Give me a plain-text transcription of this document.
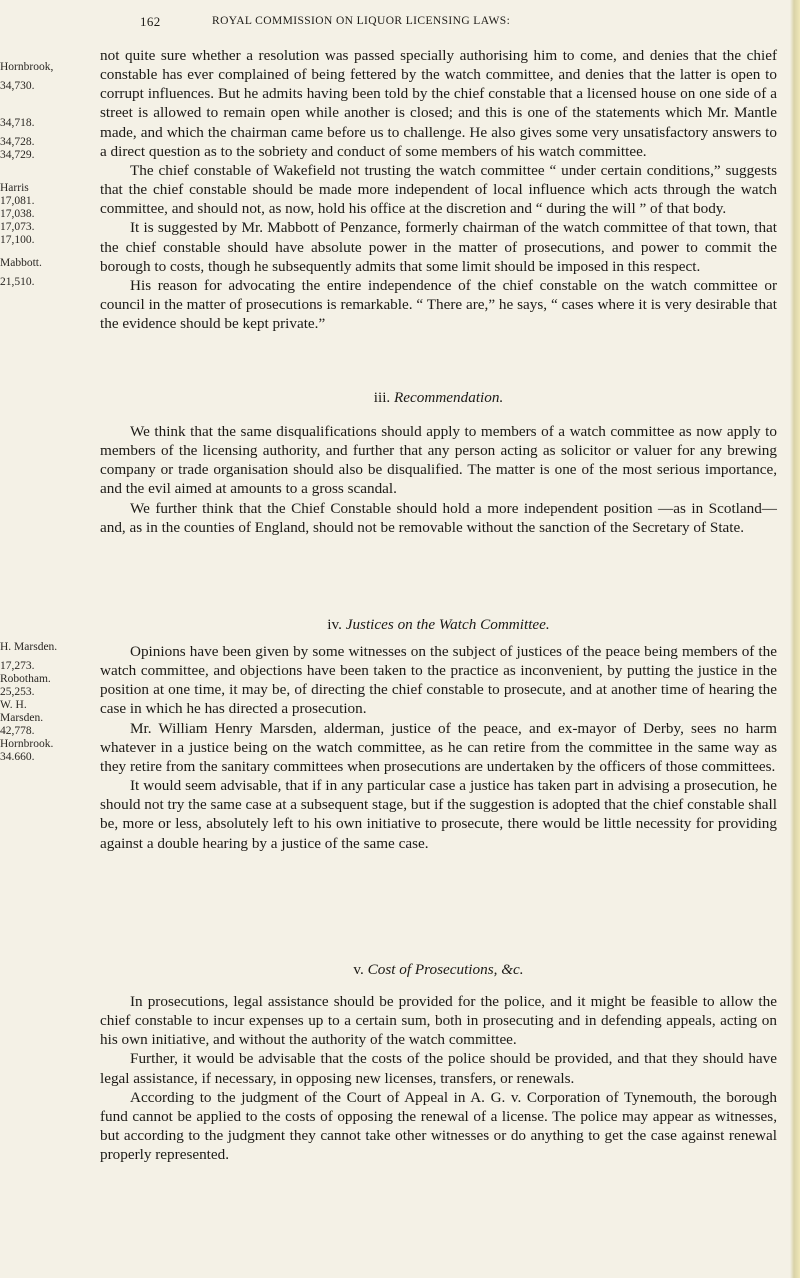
162	ROYAL COMMISSION ON LIQUOR LICENSING LAWS:
Hornbrook,
34,730.
34,718.
34,728.
34,729.
Harris
17,081.
17,038.
17,073.
17,100.
Mabbott.
21,510.
H. Marsden.
17,273.
Robotham.
25,253.
W. H.
Marsden.
42,778.
Hornbrook.
34.660.

not quite sure whether a resolution was passed specially authorising him to come, and denies that the chief constable has ever complained of being fettered by the watch committee, and denies that the latter is open to corrupt influences. But he admits having been told by the chief constable that a licensed house on one side of a street is allowed to remain open while another is closed; and this is one of the statements which Mr. Mantle made, and which the chairman came before us to challenge. He also gives some very unsatisfactory answers to a direct question as to the sobriety and conduct of some members of his watch committee.

The chief constable of Wakefield not trusting the watch committee “ under certain conditions,” suggests that the chief constable should be made more independent of local influence which acts through the watch committee, and should not, as now, hold his office at the discretion and “ during the will ” of that body.

It is suggested by Mr. Mabbott of Penzance, formerly chairman of the watch committee of that town, that the chief constable should have absolute power in the matter of prosecutions, and power to commit the borough to costs, though he subsequently admits that some limit should be imposed in this respect.

His reason for advocating the entire independence of the chief constable on the watch committee or council in the matter of prosecutions is remarkable. “ There are,” he says, “ cases where it is very desirable that the evidence should be kept private.”

iii. Recommendation.

We think that the same disqualifications should apply to members of a watch committee as now apply to members of the licensing authority, and further that any person acting as solicitor or valuer for any brewing company or trade organisation should also be disqualified. The matter is one of the most serious importance, and the evil aimed at amounts to a gross scandal.

We further think that the Chief Constable should hold a more independent position —as in Scotland—and, as in the counties of England, should not be removable without the sanction of the Secretary of State.

iv. Justices on the Watch Committee.

Opinions have been given by some witnesses on the subject of justices of the peace being members of the watch committee, and objections have been taken to the practice as inconvenient, by putting the justice in the position at one time, it may be, of directing the chief constable to prosecute, and at another time of hearing the case in which he has directed a prosecution.

Mr. William Henry Marsden, alderman, justice of the peace, and ex-mayor of Derby, sees no harm whatever in a justice being on the watch committee, as he can retire from the committee in the same way as they retire from the sanitary committees when prosecutions are undertaken by the officers of those committees.

It would seem advisable, that if in any particular case a justice has taken part in advising a prosecution, he should not try the same case at a subsequent stage, but if the suggestion is adopted that the chief constable shall be, more or less, absolutely left to his own initiative to prosecute, there would be little necessity for providing against a double hearing by a justice of the same case.

v. Cost of Prosecutions, &c.

In prosecutions, legal assistance should be provided for the police, and it might be feasible to allow the chief constable to incur expenses up to a certain sum, both in prosecuting and in defending appeals, acting on his own initiative, and without the authority of the watch committee.

Further, it would be advisable that the costs of the police should be provided, and that they should have legal assistance, if necessary, in opposing new licenses, transfers, or renewals.

According to the judgment of the Court of Appeal in A. G. v. Corporation of Tynemouth, the borough fund cannot be applied to the costs of opposing the renewal of a license. The police may appear as witnesses, but according to the judgment they cannot take other witnesses or do anything to get the case against renewal properly represented.
